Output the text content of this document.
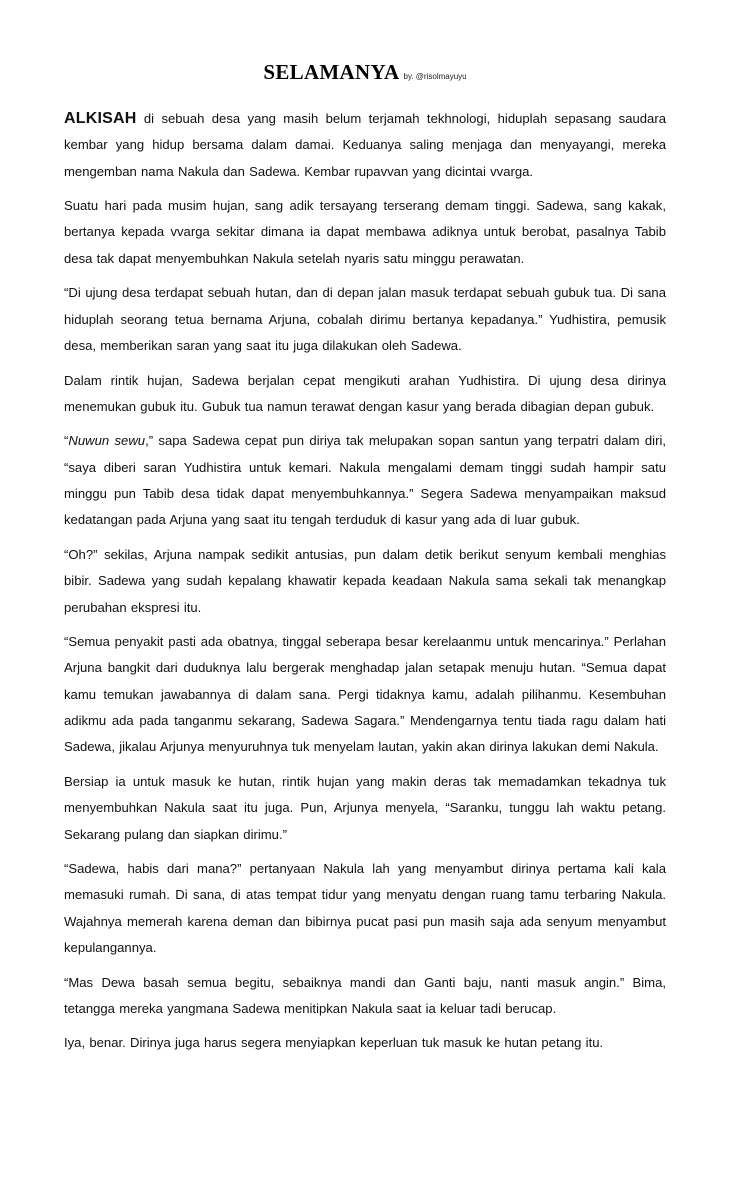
SELAMANYA by. @risolmayuyu

ALKISAH di sebuah desa yang masih belum terjamah tekhnologi, hiduplah sepasang saudara kembar yang hidup bersama dalam damai. Keduanya saling menjaga dan menyayangi, mereka mengemban nama Nakula dan Sadewa. Kembar rupavvan yang dicintai vvarga.

Suatu hari pada musim hujan, sang adik tersayang terserang demam tinggi. Sadewa, sang kakak, bertanya kepada vvarga sekitar dimana ia dapat membawa adiknya untuk berobat, pasalnya Tabib desa tak dapat menyembuhkan Nakula setelah nyaris satu minggu perawatan.

“Di ujung desa terdapat sebuah hutan, dan di depan jalan masuk terdapat sebuah gubuk tua. Di sana hiduplah seorang tetua bernama Arjuna, cobalah dirimu bertanya kepadanya.” Yudhistira, pemusik desa, memberikan saran yang saat itu juga dilakukan oleh Sadewa.

Dalam rintik hujan, Sadewa berjalan cepat mengikuti arahan Yudhistira. Di ujung desa dirinya menemukan gubuk itu. Gubuk tua namun terawat dengan kasur yang berada dibagian depan gubuk.

“Nuwun sewu,” sapa Sadewa cepat pun diriya tak melupakan sopan santun yang terpatri dalam diri, “saya diberi saran Yudhistira untuk kemari. Nakula mengalami demam tinggi sudah hampir satu minggu pun Tabib desa tidak dapat menyembuhkannya.” Segera Sadewa menyampaikan maksud kedatangan pada Arjuna yang saat itu tengah terduduk di kasur yang ada di luar gubuk.

“Oh?” sekilas, Arjuna nampak sedikit antusias, pun dalam detik berikut senyum kembali menghias bibir. Sadewa yang sudah kepalang khawatir kepada keadaan Nakula sama sekali tak menangkap perubahan ekspresi itu.

“Semua penyakit pasti ada obatnya, tinggal seberapa besar kerelaanmu untuk mencarinya.” Perlahan Arjuna bangkit dari duduknya lalu bergerak menghadap jalan setapak menuju hutan. “Semua dapat kamu temukan jawabannya di dalam sana. Pergi tidaknya kamu, adalah pilihanmu. Kesembuhan adikmu ada pada tanganmu sekarang, Sadewa Sagara.” Mendengarnya tentu tiada ragu dalam hati Sadewa, jikalau Arjunya menyuruhnya tuk menyelam lautan, yakin akan dirinya lakukan demi Nakula.

Bersiap ia untuk masuk ke hutan, rintik hujan yang makin deras tak memadamkan tekadnya tuk menyembuhkan Nakula saat itu juga. Pun, Arjunya menyela, “Saranku, tunggu lah waktu petang. Sekarang pulang dan siapkan dirimu.”

“Sadewa, habis dari mana?” pertanyaan Nakula lah yang menyambut dirinya pertama kali kala memasuki rumah. Di sana, di atas tempat tidur yang menyatu dengan ruang tamu terbaring Nakula. Wajahnya memerah karena deman dan bibirnya pucat pasi pun masih saja ada senyum menyambut kepulangannya.

“Mas Dewa basah semua begitu, sebaiknya mandi dan Ganti baju, nanti masuk angin.” Bima, tetangga mereka yangmana Sadewa menitipkan Nakula saat ia keluar tadi berucap.

Iya, benar. Dirinya juga harus segera menyiapkan keperluan tuk masuk ke hutan petang itu.
